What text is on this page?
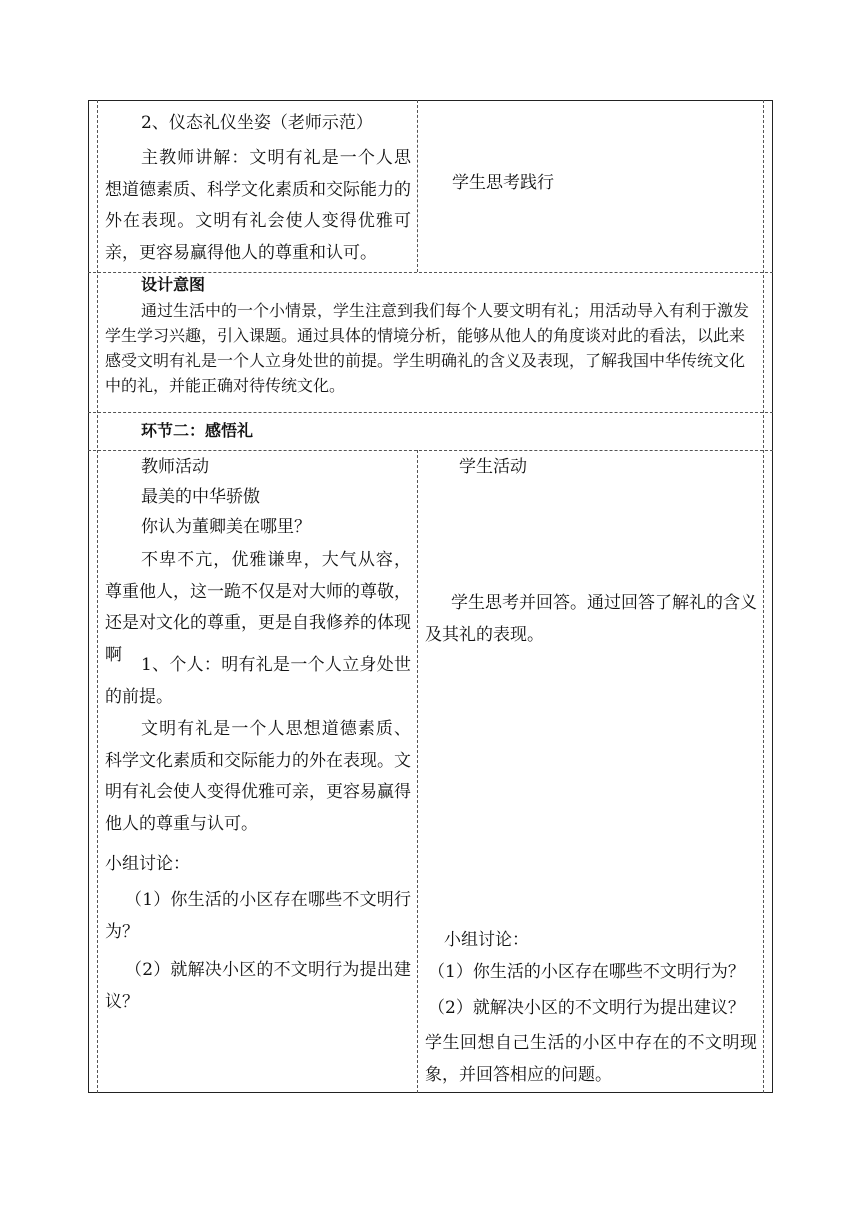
2、仪态礼仪坐姿（老师示范）
主教师讲解：文明有礼是一个人思想道德素质、科学文化素质和交际能力的外在表现。文明有礼会使人变得优雅可亲，更容易赢得他人的尊重和认可。
学生思考践行
设计意图
通过生活中的一个小情景，学生注意到我们每个人要文明有礼；用活动导入有利于激发学生学习兴趣，引入课题。通过具体的情境分析，能够从他人的角度谈对此的看法，以此来感受文明有礼是一个人立身处世的前提。学生明确礼的含义及表现，了解我国中华传统文化中的礼，并能正确对待传统文化。
环节二：感悟礼
教师活动
最美的中华骄傲
你认为董卿美在哪里？
不卑不亢，优雅谦卑，大气从容，尊重他人，这一跪不仅是对大师的尊敬，还是对文化的尊重，更是自我修养的体现啊
1、个人：明有礼是一个人立身处世的前提。
文明有礼是一个人思想道德素质、科学文化素质和交际能力的外在表现。文明有礼会使人变得优雅可亲，更容易赢得他人的尊重与认可。
小组讨论：
（1）你生活的小区存在哪些不文明行为？
（2）就解决小区的不文明行为提出建议？
学生活动
学生思考并回答。通过回答了解礼的含义及其礼的表现。
小组讨论：
（1）你生活的小区存在哪些不文明行为？
（2）就解决小区的不文明行为提出建议？
学生回想自己生活的小区中存在的不文明现象，并回答相应的问题。
